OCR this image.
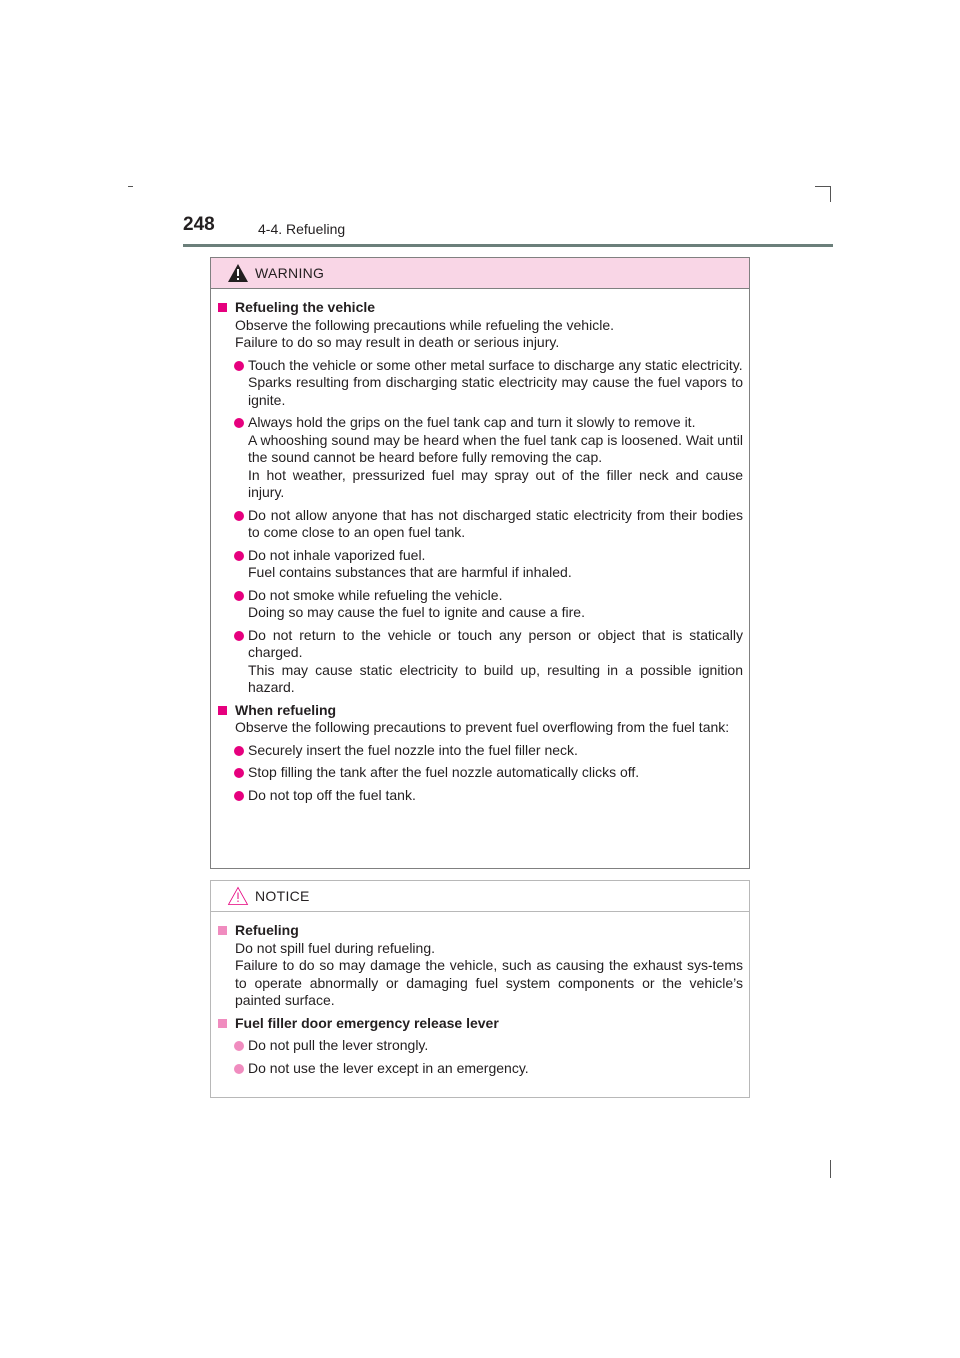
248	4-4. Refueling
WARNING
Refueling the vehicle
Observe the following precautions while refueling the vehicle.
Failure to do so may result in death or serious injury.
Touch the vehicle or some other metal surface to discharge any static electricity.
Sparks resulting from discharging static electricity may cause the fuel vapors to ignite.
Always hold the grips on the fuel tank cap and turn it slowly to remove it.
A whooshing sound may be heard when the fuel tank cap is loosened. Wait until the sound cannot be heard before fully removing the cap.
In hot weather, pressurized fuel may spray out of the filler neck and cause injury.
Do not allow anyone that has not discharged static electricity from their bodies to come close to an open fuel tank.
Do not inhale vaporized fuel.
Fuel contains substances that are harmful if inhaled.
Do not smoke while refueling the vehicle.
Doing so may cause the fuel to ignite and cause a fire.
Do not return to the vehicle or touch any person or object that is statically charged.
This may cause static electricity to build up, resulting in a possible ignition hazard.
When refueling
Observe the following precautions to prevent fuel overflowing from the fuel tank:
Securely insert the fuel nozzle into the fuel filler neck.
Stop filling the tank after the fuel nozzle automatically clicks off.
Do not top off the fuel tank.
NOTICE
Refueling
Do not spill fuel during refueling.
Failure to do so may damage the vehicle, such as causing the exhaust sys-tems to operate abnormally or damaging fuel system components or the vehicle’s painted surface.
Fuel filler door emergency release lever
Do not pull the lever strongly.
Do not use the lever except in an emergency.
